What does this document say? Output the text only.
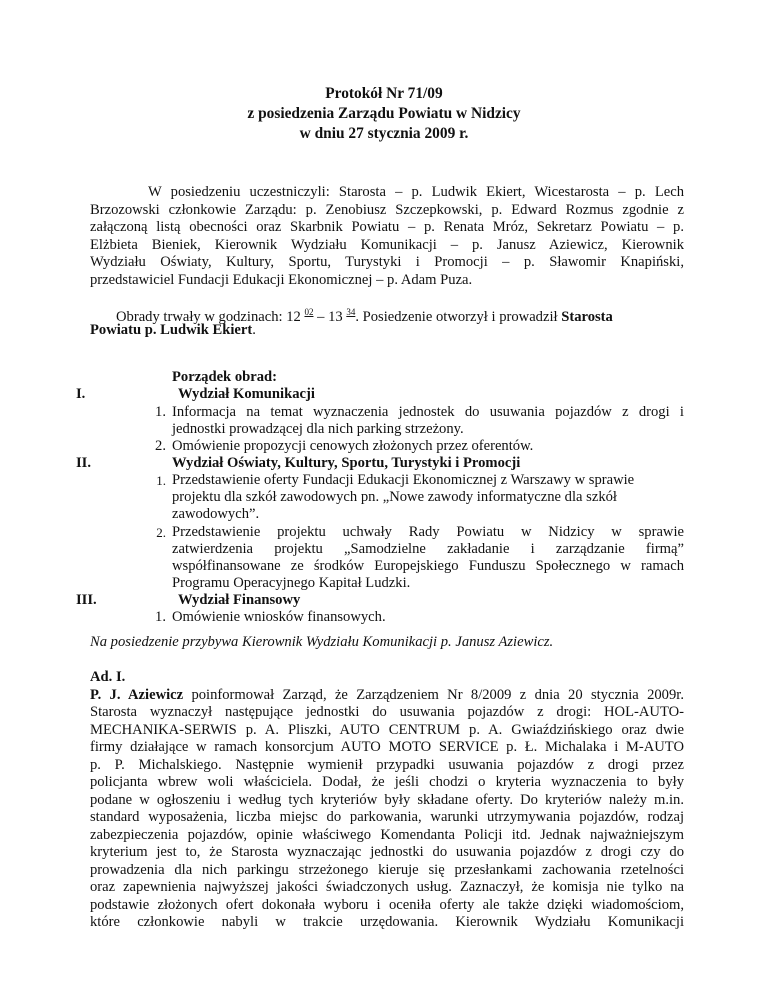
Protokół Nr 71/09
z posiedzenia Zarządu Powiatu w Nidzicy
w dniu 27 stycznia 2009 r.
W posiedzeniu uczestniczyli: Starosta – p. Ludwik Ekiert, Wicestarosta – p. Lech
Brzozowski członkowie Zarządu: p. Zenobiusz Szczepkowski, p. Edward Rozmus zgodnie z
załączoną listą obecności oraz Skarbnik Powiatu – p. Renata Mróz, Sekretarz Powiatu – p.
Elżbieta Bieniek, Kierownik Wydziału Komunikacji – p. Janusz Aziewicz, Kierownik
Wydziału Oświaty, Kultury, Sportu, Turystyki i Promocji – p. Sławomir Knapiński,
przedstawiciel Fundacji Edukacji Ekonomicznej – p. Adam Puza.
Obrady trwały w godzinach: 12 $^{02}$ – 13 $^{34}$. Posiedzenie otworzył i prowadził Starosta
Powiatu p. Ludwik Ekiert.
Porządek obrad:
I.	Wydział Komunikacji
1. Informacja na temat wyznaczenia jednostek do usuwania pojazdów z drogi i
jednostki prowadzącej dla nich parking strzeżony.
2. Omówienie propozycji cenowych złożonych przez oferentów.
II.	Wydział Oświaty, Kultury, Sportu, Turystyki i Promocji
1. Przedstawienie oferty Fundacji Edukacji Ekonomicznej z Warszawy w sprawie
projektu dla szkół zawodowych pn. „Nowe zawody informatyczne dla szkół
zawodowych”.
2. Przedstawienie projektu uchwały Rady Powiatu w Nidzicy w sprawie
zatwierdzenia projektu „Samodzielne zakładanie i zarządzanie firmą”
współfinansowane ze środków Europejskiego Funduszu Społecznego w ramach
Programu Operacyjnego Kapitał Ludzki.
III.	Wydział Finansowy
1. Omówienie wniosków finansowych.
Na posiedzenie przybywa Kierownik Wydziału Komunikacji p. Janusz Aziewicz.
Ad. I.
P. J. Aziewicz poinformował Zarząd, że Zarządzeniem Nr 8/2009 z dnia 20 stycznia 2009r.
Starosta wyznaczył następujące jednostki do usuwania pojazdów z drogi: HOL-AUTO-
MECHANIKA-SERWIS p. A. Pliszki, AUTO CENTRUM p. A. Gwiaździńskiego oraz dwie
firmy działające w ramach konsorcjum AUTO MOTO SERVICE p. Ł. Michalaka i M-AUTO
p. P. Michalskiego. Następnie wymienił przypadki usuwania pojazdów z drogi przez
policjanta wbrew woli właściciela. Dodał, że jeśli chodzi o kryteria wyznaczenia to były
podane w ogłoszeniu i według tych kryteriów były składane oferty. Do kryteriów należy m.in.
standard wyposażenia, liczba miejsc do parkowania, warunki utrzymywania pojazdów, rodzaj
zabezpieczenia pojazdów, opinie właściwego Komendanta Policji itd. Jednak najważniejszym
kryterium jest to, że Starosta wyznaczając jednostki do usuwania pojazdów z drogi czy do
prowadzenia dla nich parkingu strzeżonego kieruje się przesłankami zachowania rzetelności
oraz zapewnienia najwyższej jakości świadczonych usług. Zaznaczył, że komisja nie tylko na
podstawie złożonych ofert dokonała wyboru i oceniła oferty ale także dzięki wiadomościom,
które członkowie nabyli w trakcie urzędowania. Kierownik Wydziału Komunikacji
